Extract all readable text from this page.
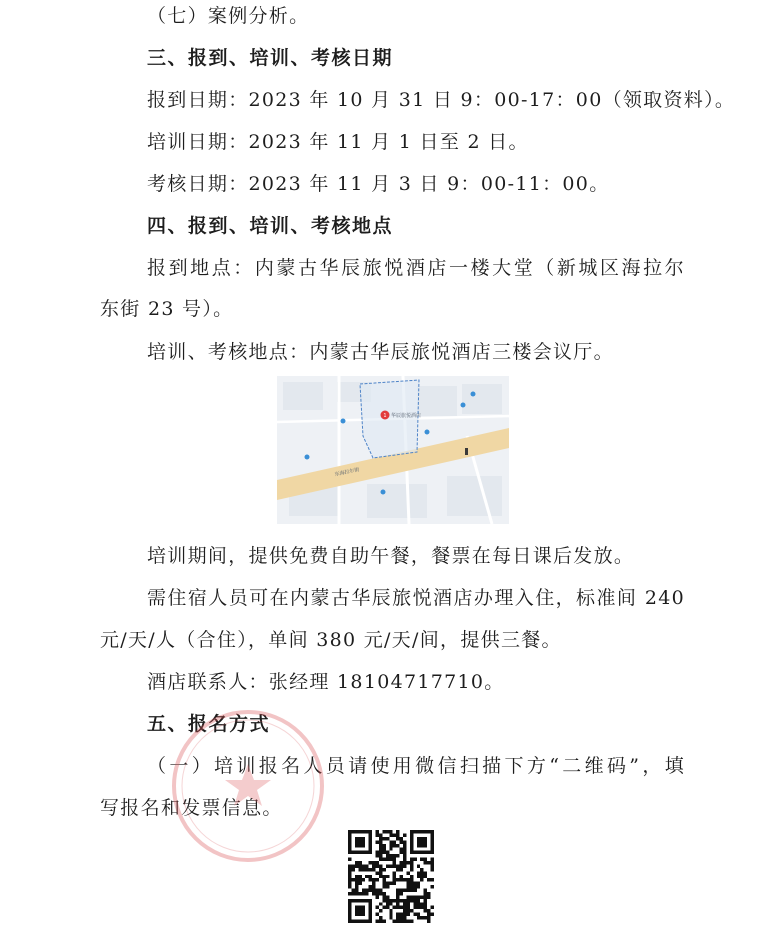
（七）案例分析。
三、报到、培训、考核日期
报到日期：2023 年 10 月 31 日 9：00-17：00（领取资料）。
培训日期：2023 年 11 月 1 日至 2 日。
考核日期：2023 年 11 月 3 日 9：00-11：00。
四、报到、培训、考核地点
报到地点：内蒙古华辰旅悦酒店一楼大堂（新城区海拉尔
东街 23 号）。
培训、考核地点：内蒙古华辰旅悦酒店三楼会议厅。
1 华辰旅悦酒店
东海拉尔街
培训期间，提供免费自助午餐，餐票在每日课后发放。
需住宿人员可在内蒙古华辰旅悦酒店办理入住，标准间 240
元/天/人（合住），单间 380 元/天/间，提供三餐。
酒店联系人：张经理 18104717710。
五、报名方式
（一）培训报名人员请使用微信扫描下方“二维码”，填
写报名和发票信息。
